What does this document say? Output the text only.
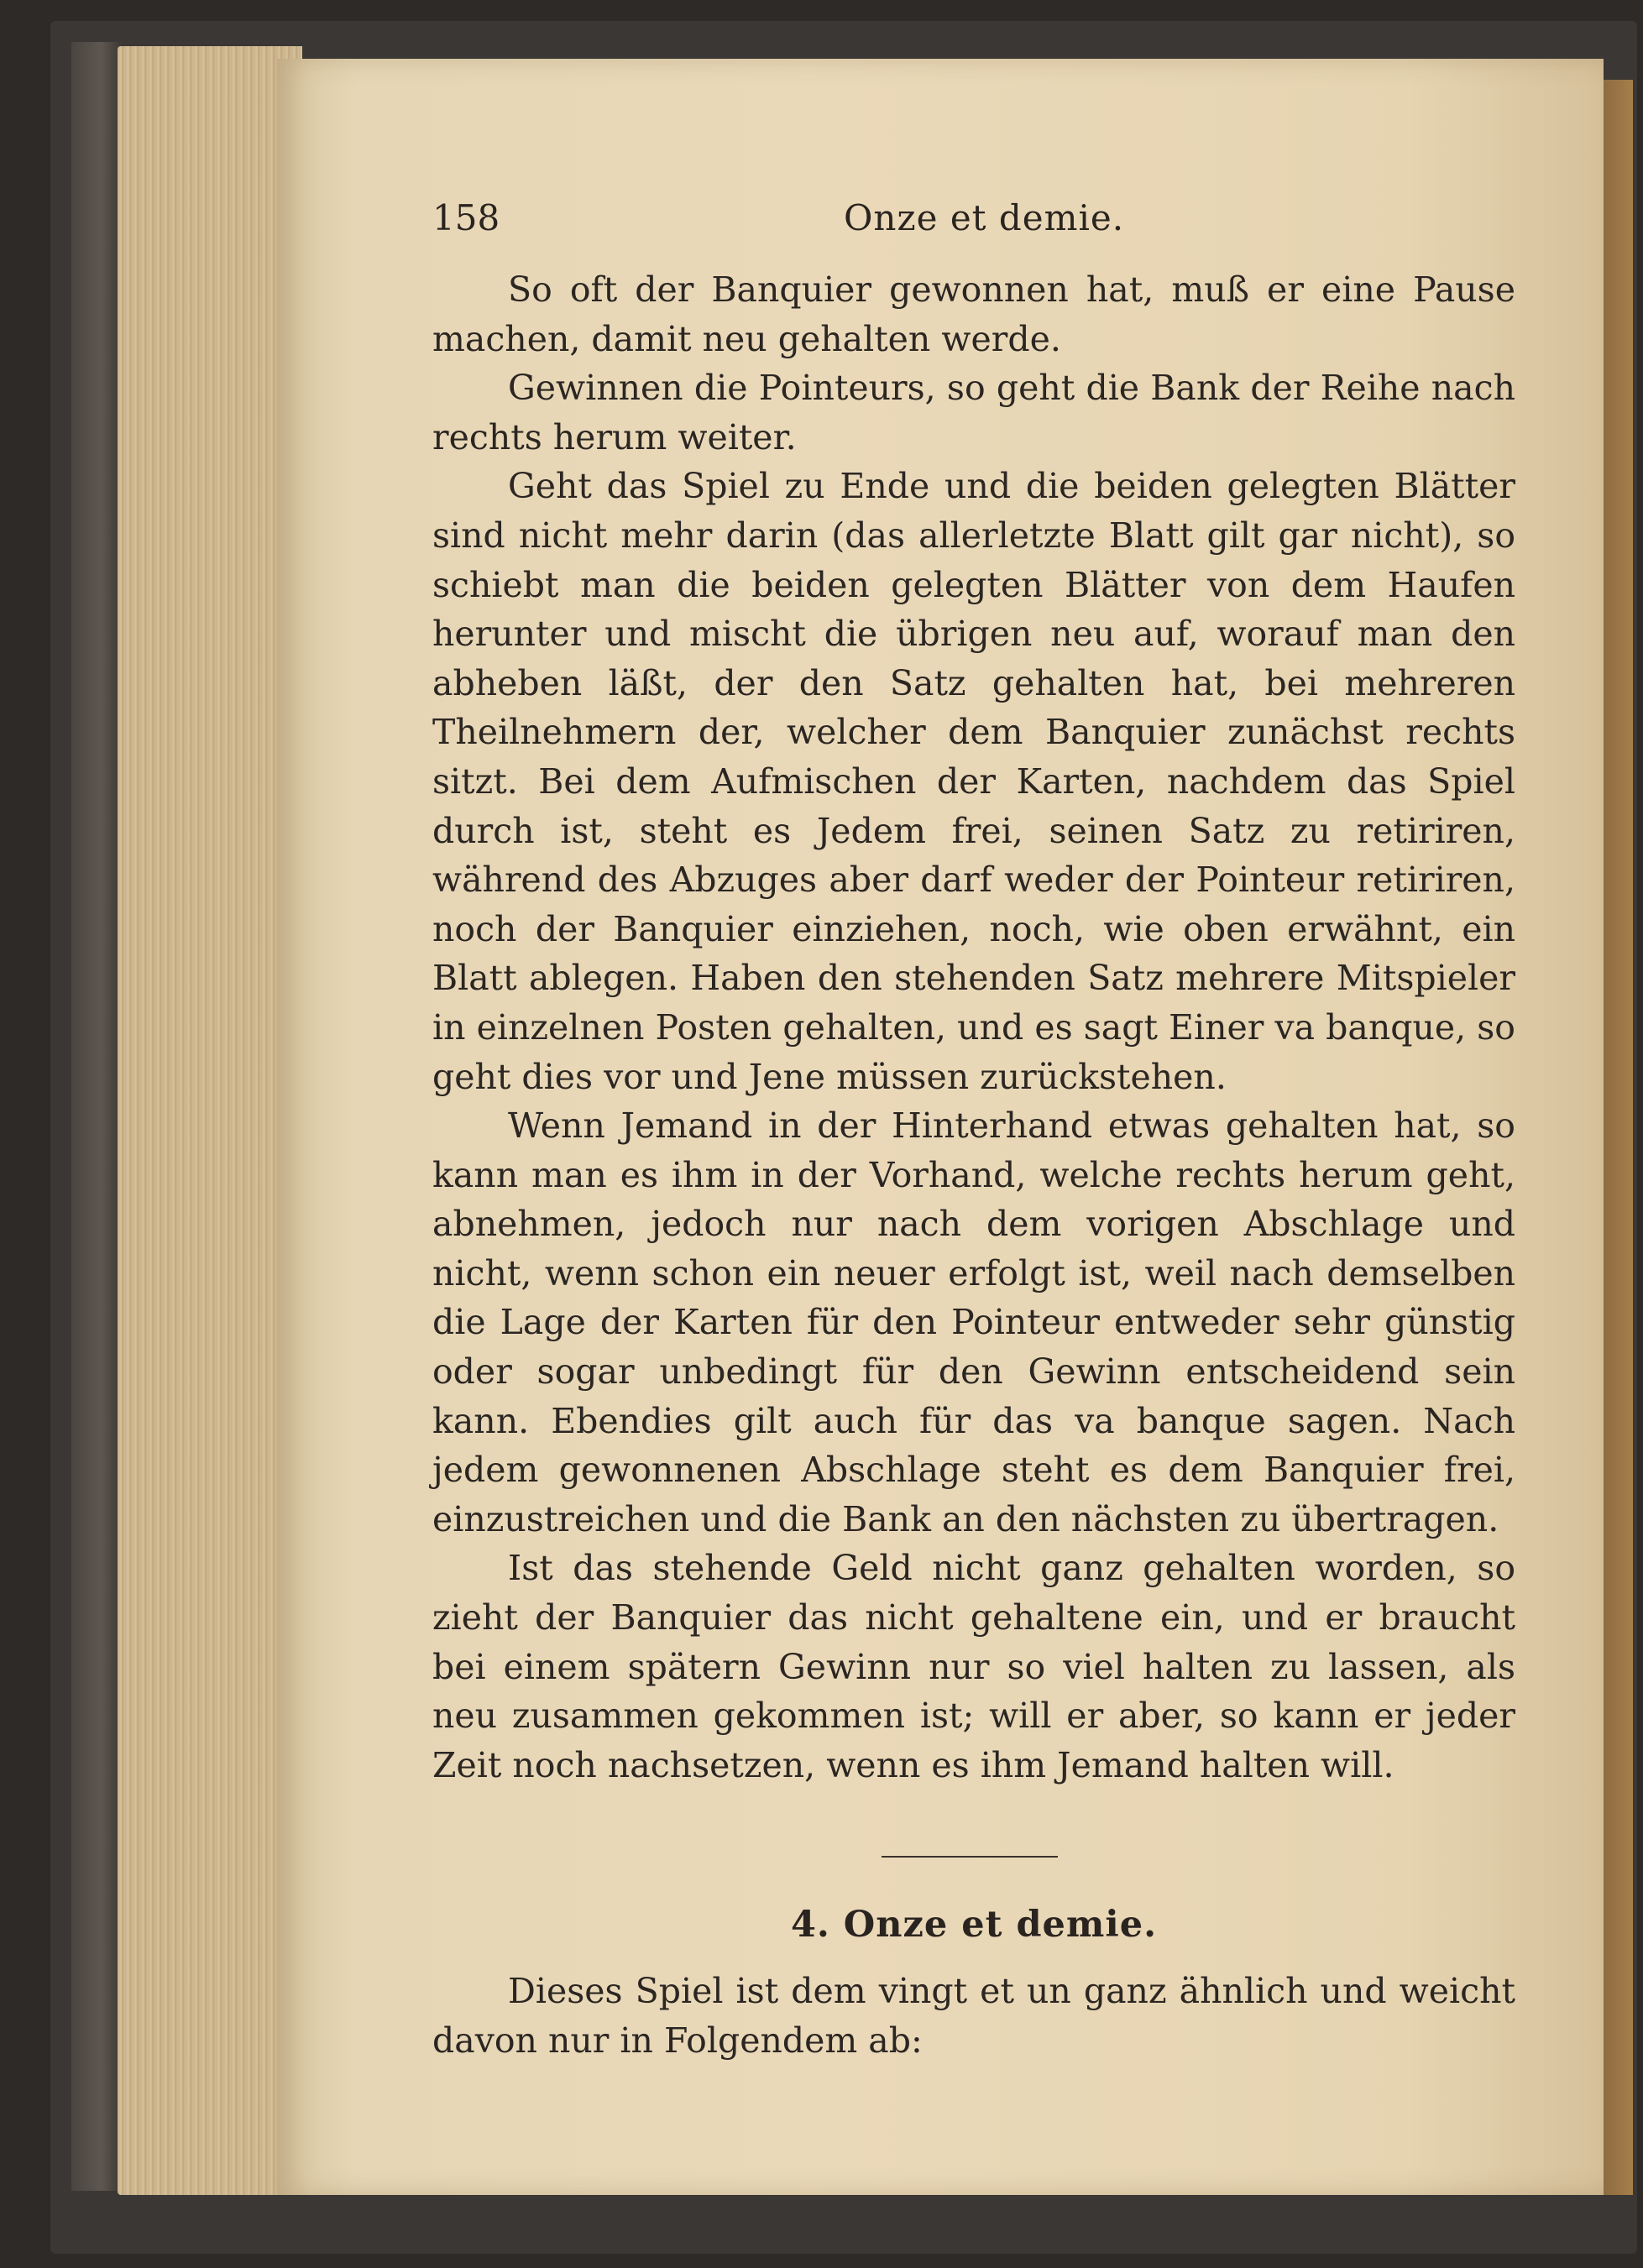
158	Onze et demie.

So oft der Banquier gewonnen hat, muß er eine Pause machen, damit neu gehalten werde.

Gewinnen die Pointeurs, so geht die Bank der Reihe nach rechts herum weiter.

Geht das Spiel zu Ende und die beiden gelegten Blätter sind nicht mehr darin (das allerletzte Blatt gilt gar nicht), so schiebt man die beiden gelegten Blätter von dem Haufen herunter und mischt die übrigen neu auf, worauf man den abheben läßt, der den Satz gehalten hat, bei mehreren Theilnehmern der, welcher dem Banquier zunächst rechts sitzt. Bei dem Aufmischen der Karten, nachdem das Spiel durch ist, steht es Jedem frei, seinen Satz zu retiriren, während des Abzuges aber darf weder der Pointeur retiriren, noch der Banquier einziehen, noch, wie oben erwähnt, ein Blatt ablegen. Haben den stehenden Satz mehrere Mitspieler in einzelnen Posten gehalten, und es sagt Einer va banque, so geht dies vor und Jene müssen zurückstehen.

Wenn Jemand in der Hinterhand etwas gehalten hat, so kann man es ihm in der Vorhand, welche rechts herum geht, abnehmen, jedoch nur nach dem vorigen Abschlage und nicht, wenn schon ein neuer erfolgt ist, weil nach demselben die Lage der Karten für den Pointeur entweder sehr günstig oder sogar unbedingt für den Gewinn entscheidend sein kann. Ebendies gilt auch für das va banque sagen. Nach jedem gewonnenen Abschlage steht es dem Banquier frei, einzustreichen und die Bank an den nächsten zu übertragen.

Ist das stehende Geld nicht ganz gehalten worden, so zieht der Banquier das nicht gehaltene ein, und er braucht bei einem spätern Gewinn nur so viel halten zu lassen, als neu zusammen gekommen ist; will er aber, so kann er jeder Zeit noch nachsetzen, wenn es ihm Jemand halten will.

4. Onze et demie.

Dieses Spiel ist dem vingt et un ganz ähnlich und weicht davon nur in Folgendem ab:
